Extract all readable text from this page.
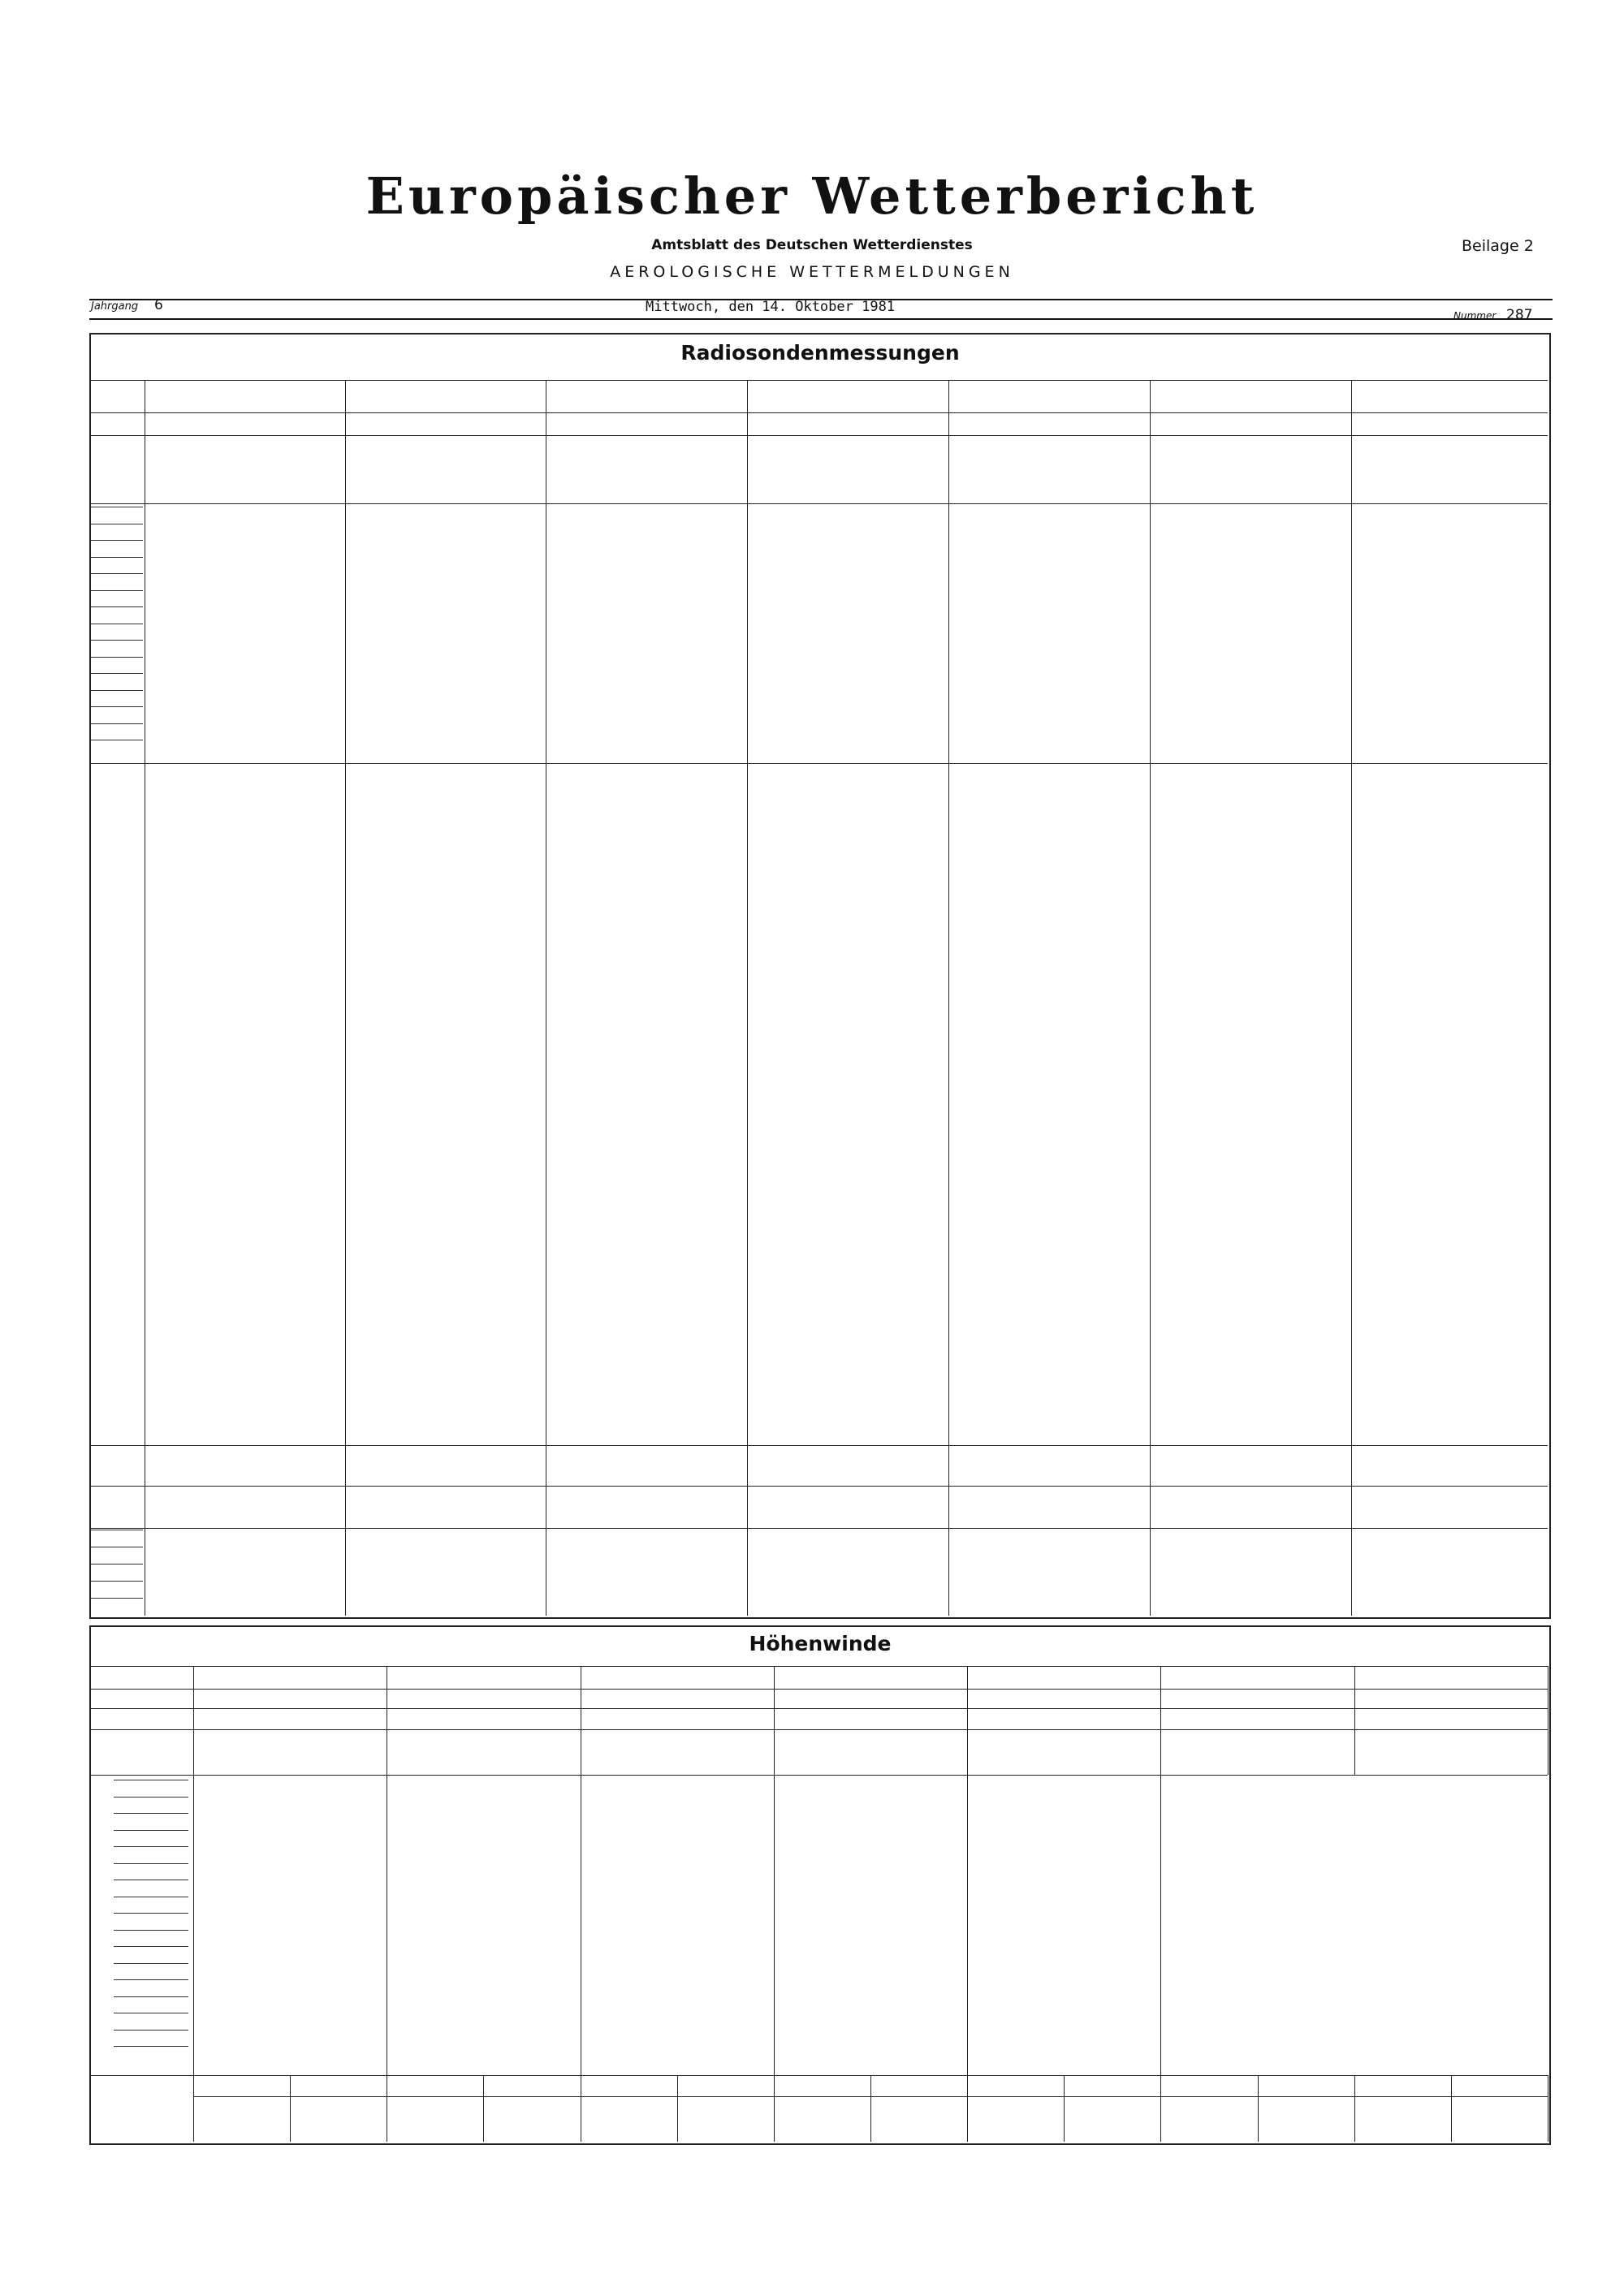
Europäischer Wetterbericht
Amtsblatt des Deutschen Wetterdienstes
AEROLOGISCHE WETTERMELDUNGEN
Beilage 2
Jahrgang 6	Mittwoch, den 14. Oktober 1981
Nummer 287
Radiosondenmessungen
Höhenwinde
